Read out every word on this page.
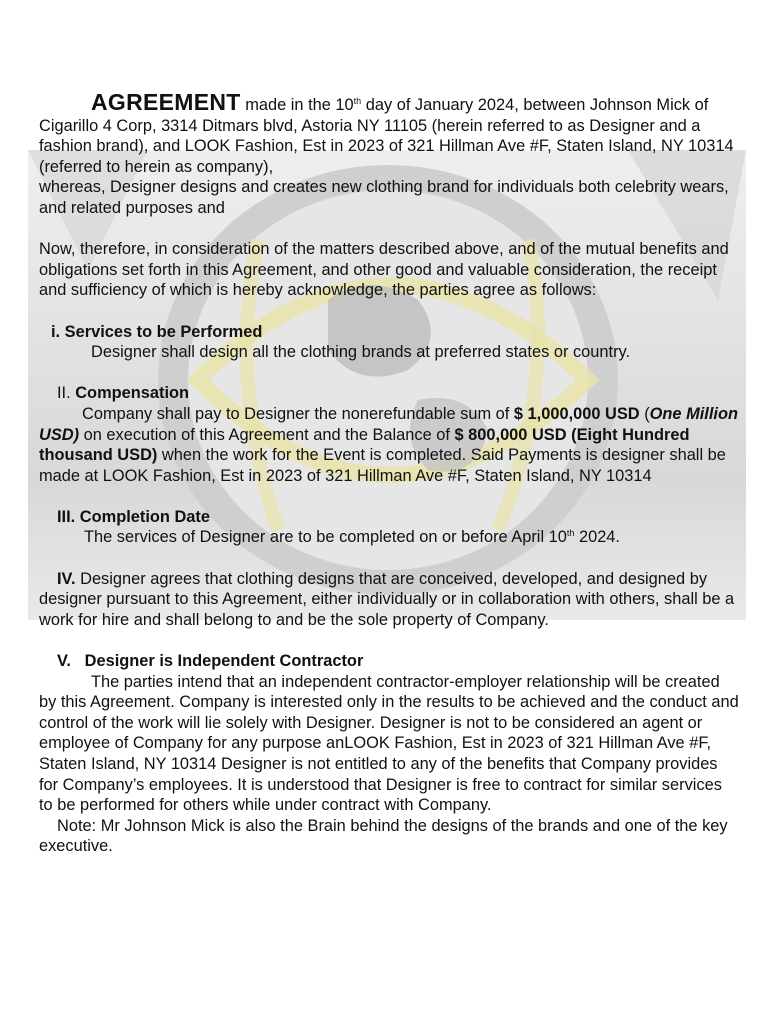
AGREEMENT made in the 10th day of January 2024, between Johnson Mick of Cigarillo 4 Corp, 3314 Ditmars blvd, Astoria NY 11105 (herein referred to as Designer and a fashion brand), and LOOK Fashion, Est in 2023 of 321 Hillman Ave #F, Staten Island, NY 10314 (referred to herein as company),

whereas, Designer designs and creates new clothing brand for individuals both celebrity wears, and related purposes and

Now, therefore, in consideration of the matters described above, and of the mutual benefits and obligations set forth in this Agreement, and other good and valuable consideration, the receipt and sufficiency of which is hereby acknowledge, the parties agree as follows:

i. Services to be Performed

Designer shall design all the clothing brands at preferred states or country.

II. Compensation

Company shall pay to Designer the nonerefundable sum of $ 1,000,000 USD (One Million USD) on execution of this Agreement and the Balance of $ 800,000 USD (Eight Hundred thousand USD) when the work for the Event is completed. Said Payments is designer shall be made at LOOK Fashion, Est in 2023 of 321 Hillman Ave #F, Staten Island, NY 10314

III. Completion Date

The services of Designer are to be completed on or before April 10th 2024.

IV. Designer agrees that clothing designs that are conceived, developed, and designed by designer pursuant to this Agreement, either individually or in collaboration with others, shall be a work for hire and shall belong to and be the sole property of Company.

V.   Designer is Independent Contractor

The parties intend that an independent contractor-employer relationship will be created by this Agreement. Company is interested only in the results to be achieved and the conduct and control of the work will lie solely with Designer. Designer is not to be considered an agent or employee of Company for any purpose anLOOK Fashion, Est in 2023 of 321 Hillman Ave #F, Staten Island, NY 10314 Designer is not entitled to any of the benefits that Company provides for Company’s employees. It is understood that Designer is free to contract for similar services to be performed for others while under contract with Company.

Note: Mr Johnson Mick is also the Brain behind the designs of the brands and one of the key executive.
